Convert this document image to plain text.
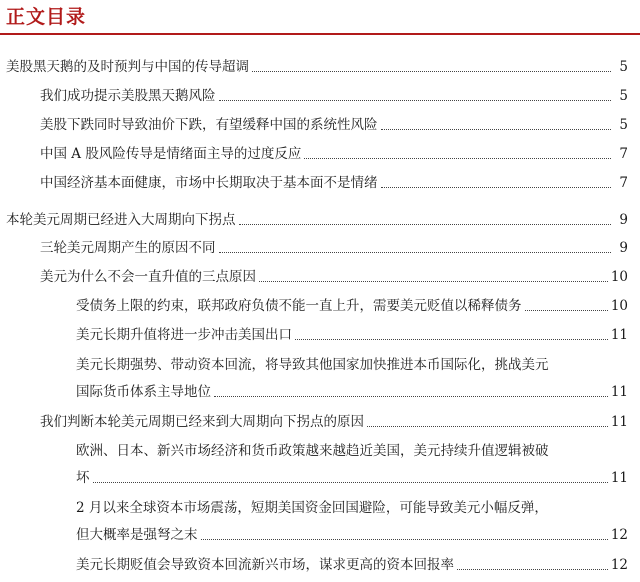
正文目录
美股黑天鹅的及时预判与中国的传导超调	5
我们成功提示美股黑天鹅风险	5
美股下跌同时导致油价下跌，有望缓释中国的系统性风险	5
中国 A 股风险传导是情绪面主导的过度反应	7
中国经济基本面健康，市场中长期取决于基本面不是情绪	7
本轮美元周期已经进入大周期向下拐点	9
三轮美元周期产生的原因不同	9
美元为什么不会一直升值的三点原因	10
受债务上限的约束，联邦政府负债不能一直上升，需要美元贬值以稀释债务	10
美元长期升值将进一步冲击美国出口	11
美元长期强势、带动资本回流，将导致其他国家加快推进本币国际化，挑战美元
国际货币体系主导地位	11
我们判断本轮美元周期已经来到大周期向下拐点的原因	11
欧洲、日本、新兴市场经济和货币政策越来越趋近美国，美元持续升值逻辑被破
坏	11
2 月以来全球资本市场震荡，短期美国资金回国避险，可能导致美元小幅反弹，
但大概率是强弩之末	12
美元长期贬值会导致资本回流新兴市场，谋求更高的资本回报率	12
